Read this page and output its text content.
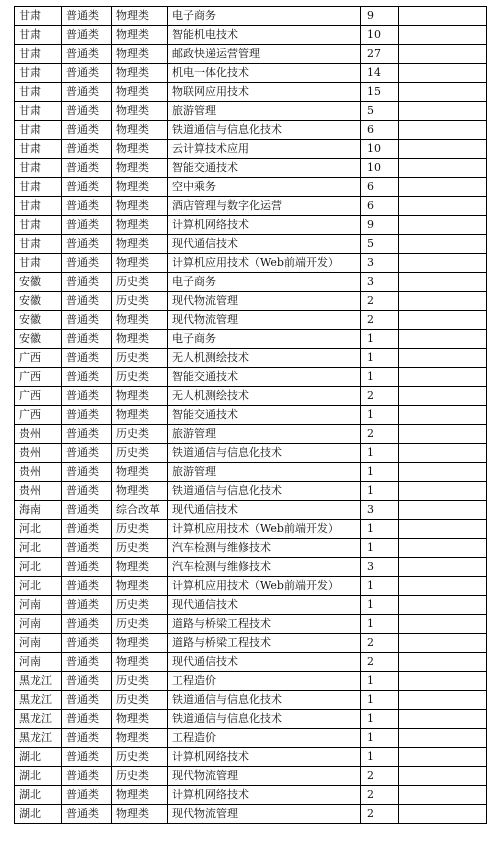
甘肃	普通类	物理类	电子商务	9	
甘肃	普通类	物理类	智能机电技术	10	
甘肃	普通类	物理类	邮政快递运营管理	27	
甘肃	普通类	物理类	机电一体化技术	14	
甘肃	普通类	物理类	物联网应用技术	15	
甘肃	普通类	物理类	旅游管理	5	
甘肃	普通类	物理类	铁道通信与信息化技术	6	
甘肃	普通类	物理类	云计算技术应用	10	
甘肃	普通类	物理类	智能交通技术	10	
甘肃	普通类	物理类	空中乘务	6	
甘肃	普通类	物理类	酒店管理与数字化运营	6	
甘肃	普通类	物理类	计算机网络技术	9	
甘肃	普通类	物理类	现代通信技术	5	
甘肃	普通类	物理类	计算机应用技术（Web前端开发）	3	
安徽	普通类	历史类	电子商务	3	
安徽	普通类	历史类	现代物流管理	2	
安徽	普通类	物理类	现代物流管理	2	
安徽	普通类	物理类	电子商务	1	
广西	普通类	历史类	无人机测绘技术	1	
广西	普通类	历史类	智能交通技术	1	
广西	普通类	物理类	无人机测绘技术	2	
广西	普通类	物理类	智能交通技术	1	
贵州	普通类	历史类	旅游管理	2	
贵州	普通类	历史类	铁道通信与信息化技术	1	
贵州	普通类	物理类	旅游管理	1	
贵州	普通类	物理类	铁道通信与信息化技术	1	
海南	普通类	综合改革	现代通信技术	3	
河北	普通类	历史类	计算机应用技术（Web前端开发）	1	
河北	普通类	历史类	汽车检测与维修技术	1	
河北	普通类	物理类	汽车检测与维修技术	3	
河北	普通类	物理类	计算机应用技术（Web前端开发）	1	
河南	普通类	历史类	现代通信技术	1	
河南	普通类	历史类	道路与桥梁工程技术	1	
河南	普通类	物理类	道路与桥梁工程技术	2	
河南	普通类	物理类	现代通信技术	2	
黑龙江	普通类	历史类	工程造价	1	
黑龙江	普通类	历史类	铁道通信与信息化技术	1	
黑龙江	普通类	物理类	铁道通信与信息化技术	1	
黑龙江	普通类	物理类	工程造价	1	
湖北	普通类	历史类	计算机网络技术	1	
湖北	普通类	历史类	现代物流管理	2	
湖北	普通类	物理类	计算机网络技术	2	
湖北	普通类	物理类	现代物流管理	2	
